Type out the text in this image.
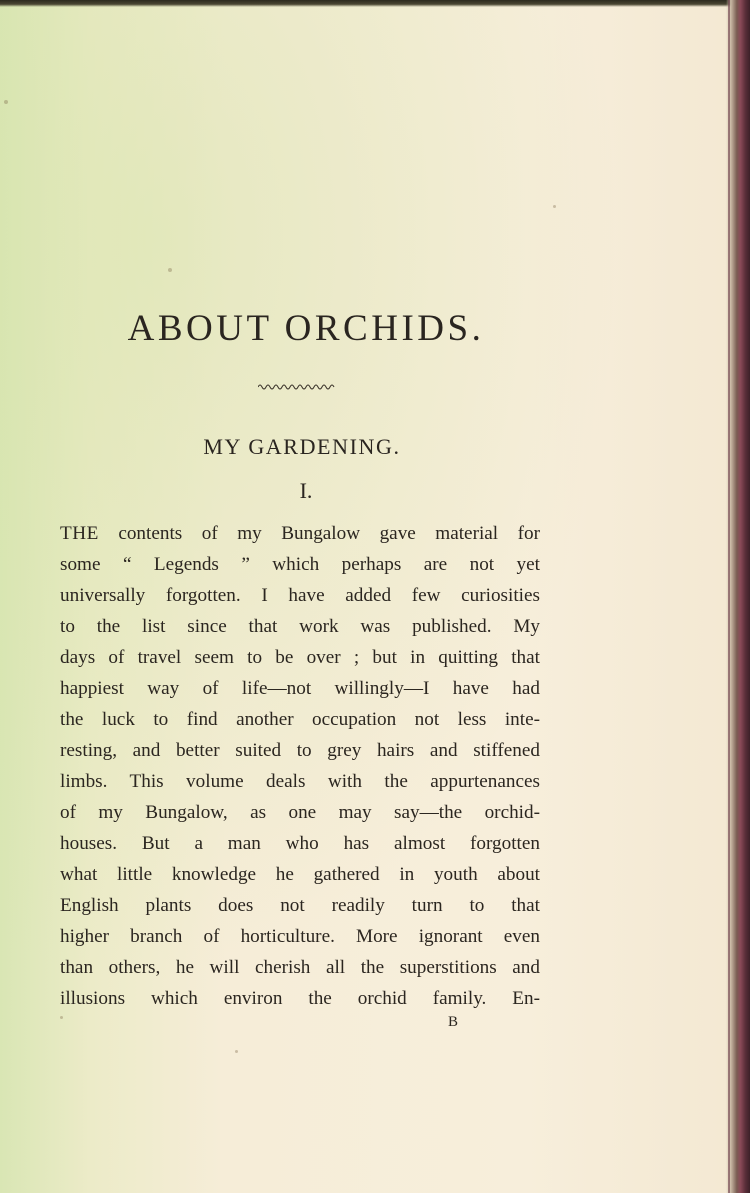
ABOUT ORCHIDS.
MY GARDENING.
I.
THE contents of my Bungalow gave material for
some “ Legends ” which perhaps are not yet
universally forgotten. I have added few curiosities
to the list since that work was published. My
days of travel seem to be over ; but in quitting that
happiest way of life—not willingly—I have had
the luck to find another occupation not less inte-
resting, and better suited to grey hairs and stiffened
limbs. This volume deals with the appurtenances
of my Bungalow, as one may say—the orchid-
houses. But a man who has almost forgotten
what little knowledge he gathered in youth about
English plants does not readily turn to that
higher branch of horticulture. More ignorant even
than others, he will cherish all the superstitions and
illusions which environ the orchid family. En-
B
